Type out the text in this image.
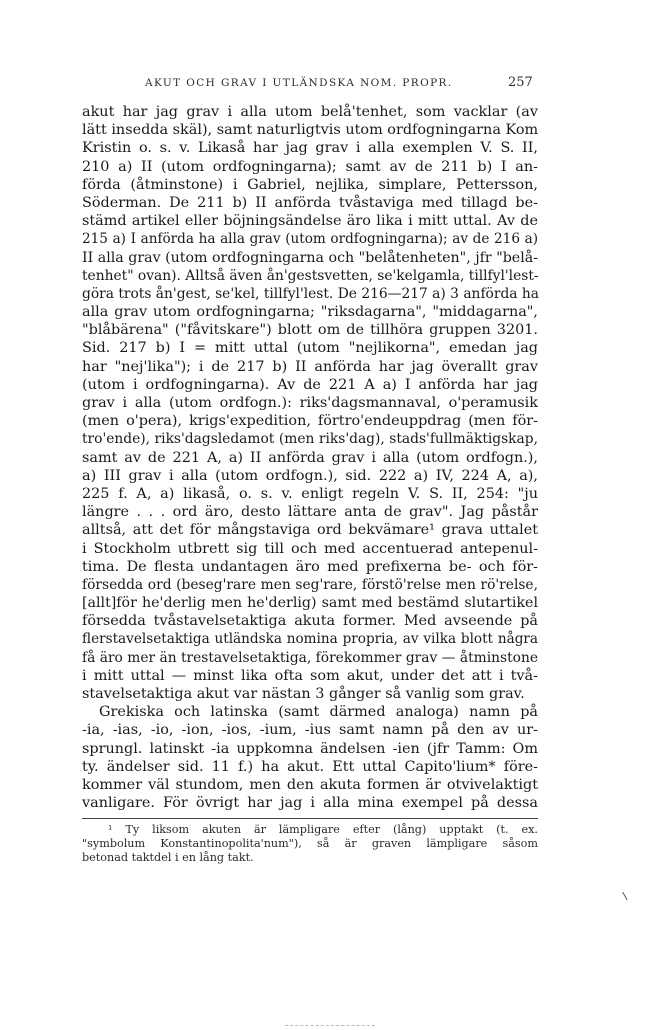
AKUT OCH GRAV I UTLÄNDSKA NOM. PROPR.	257
akut har jag grav i alla utom belå'tenhet, som vacklar (av
lätt insedda skäl), samt naturligtvis utom ordfogningarna Kom
Kristin o. s. v. Likaså har jag grav i alla exemplen V. S. II,
210 a) II (utom ordfogningarna); samt av de 211 b) I an-
förda (åtminstone) i Gabriel, nejlika, simplare, Pettersson,
Söderman. De 211 b) II anförda tvåstaviga med tillagd be-
stämd artikel eller böjningsändelse äro lika i mitt uttal. Av de
215 a) I anförda ha alla grav (utom ordfogningarna); av de 216 a)
II alla grav (utom ordfogningarna och "belåtenheten", jfr "belå-
tenhet" ovan). Alltså även ån'gestsvetten, se'kelgamla, tillfyl'lest-
göra trots ån'gest, se'kel, tillfyl'lest. De 216—217 a) 3 anförda ha
alla grav utom ordfogningarna; "riksdagarna", "middagarna",
"blåbärena" ("fåvitskare") blott om de tillhöra gruppen 3201.
Sid. 217 b) I = mitt uttal (utom "nejlikorna", emedan jag
har "nej'lika"); i de 217 b) II anförda har jag överallt grav
(utom i ordfogningarna). Av de 221 A a) I anförda har jag
grav i alla (utom ordfogn.): riks'dagsmannaval, o'peramusik
(men o'pera), krigs'expedition, förtro'endeuppdrag (men för-
tro'ende), riks'dagsledamot (men riks'dag), stads'fullmäktigskap,
samt av de 221 A, a) II anförda grav i alla (utom ordfogn.),
a) III grav i alla (utom ordfogn.), sid. 222 a) IV, 224 A, a),
225 f. A, a) likaså, o. s. v. enligt regeln V. S. II, 254: "ju
längre . . . ord äro, desto lättare anta de grav". Jag påstår
alltså, att det för mångstaviga ord bekvämare¹ grava uttalet
i Stockholm utbrett sig till och med accentuerad antepenul-
tima. De flesta undantagen äro med prefixerna be- och för-
försedda ord (beseg'rare men seg'rare, förstö'relse men rö'relse,
[allt]för he'derlig men he'derlig) samt med bestämd slutartikel
försedda tvåstavelsetaktiga akuta former. Med avseende på
flerstavelsetaktiga utländska nomina propria, av vilka blott några
få äro mer än trestavelsetaktiga, förekommer grav — åtminstone
i mitt uttal — minst lika ofta som akut, under det att i två-
stavelsetaktiga akut var nästan 3 gånger så vanlig som grav.
Grekiska och latinska (samt därmed analoga) namn på
-ia, -ias, -io, -ion, -ios, -ium, -ius samt namn på den av ur-
sprungl. latinskt -ia uppkomna ändelsen -ien (jfr Tamm: Om
ty. ändelser sid. 11 f.) ha akut. Ett uttal Capito'lium* före-
kommer väl stundom, men den akuta formen är otvivelaktigt
vanligare. För övrigt har jag i alla mina exempel på dessa
¹ Ty liksom akuten är lämpligare efter (lång) upptakt (t. ex.
"symbolum Konstantinopolita'num"), så är graven lämpligare såsom
betonad taktdel i en lång takt.
